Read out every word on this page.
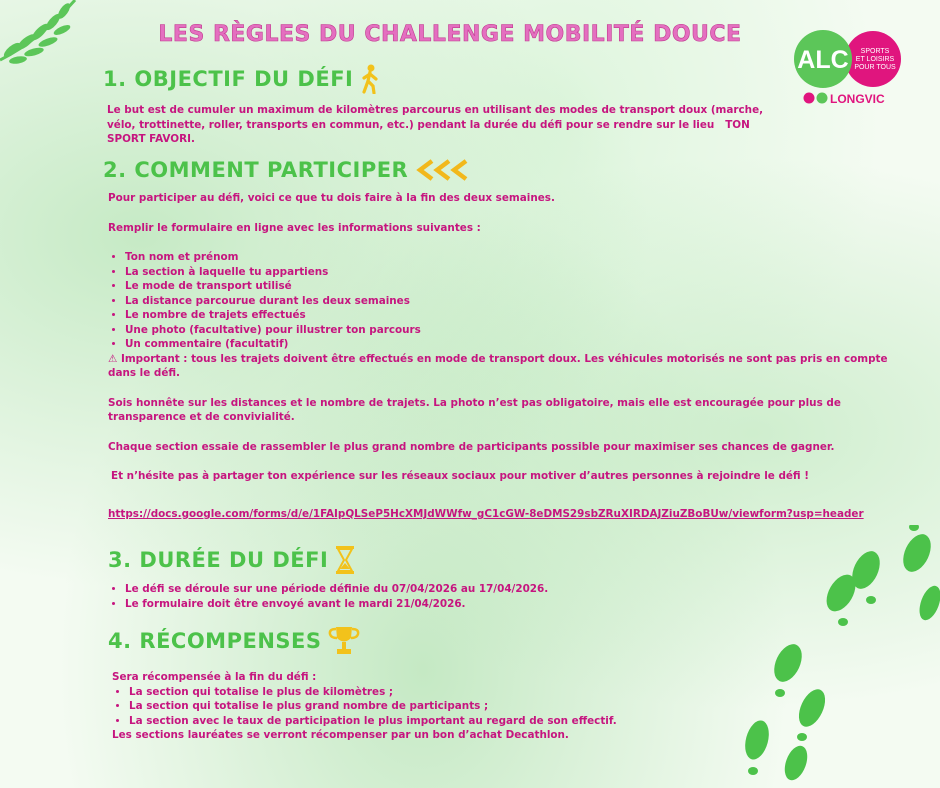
LES RÈGLES DU CHALLENGE MOBILITÉ DOUCE
ALC SPORTS
ET LOISIRS
POUR TOUS
LONGVIC
1. OBJECTIF DU DÉFI
Le but est de cumuler un maximum de kilomètres parcourus en utilisant des modes de transport doux (marche, vélo, trottinette, roller, transports en commun, etc.) pendant la durée du défi pour se rendre sur le lieu TON SPORT FAVORI.
2. COMMENT PARTICIPER
Pour participer au défi, voici ce que tu dois faire à la fin des deux semaines.
Remplir le formulaire en ligne avec les informations suivantes :
• Ton nom et prénom
• La section à laquelle tu appartiens
• Le mode de transport utilisé
• La distance parcourue durant les deux semaines
• Le nombre de trajets effectués
• Une photo (facultative) pour illustrer ton parcours
• Un commentaire (facultatif)
⚠ Important : tous les trajets doivent être effectués en mode de transport doux. Les véhicules motorisés ne sont pas pris en compte dans le défi.
Sois honnête sur les distances et le nombre de trajets. La photo n’est pas obligatoire, mais elle est encouragée pour plus de transparence et de convivialité.
Chaque section essaie de rassembler le plus grand nombre de participants possible pour maximiser ses chances de gagner.
Et n’hésite pas à partager ton expérience sur les réseaux sociaux pour motiver d’autres personnes à rejoindre le défi !
https://docs.google.com/forms/d/e/1FAIpQLSeP5HcXMJdWWfw_gC1cGW-8eDMS29sbZRuXIRDAJZiuZBoBUw/viewform?usp=header
3. DURÉE DU DÉFI
• Le défi se déroule sur une période définie du 07/04/2026 au 17/04/2026.
• Le formulaire doit être envoyé avant le mardi 21/04/2026.
4. RÉCOMPENSES
Sera récompensée à la fin du défi :
• La section qui totalise le plus de kilomètres ;
• La section qui totalise le plus grand nombre de participants ;
• La section avec le taux de participation le plus important au regard de son effectif.
Les sections lauréates se verront récompenser par un bon d’achat Decathlon.
